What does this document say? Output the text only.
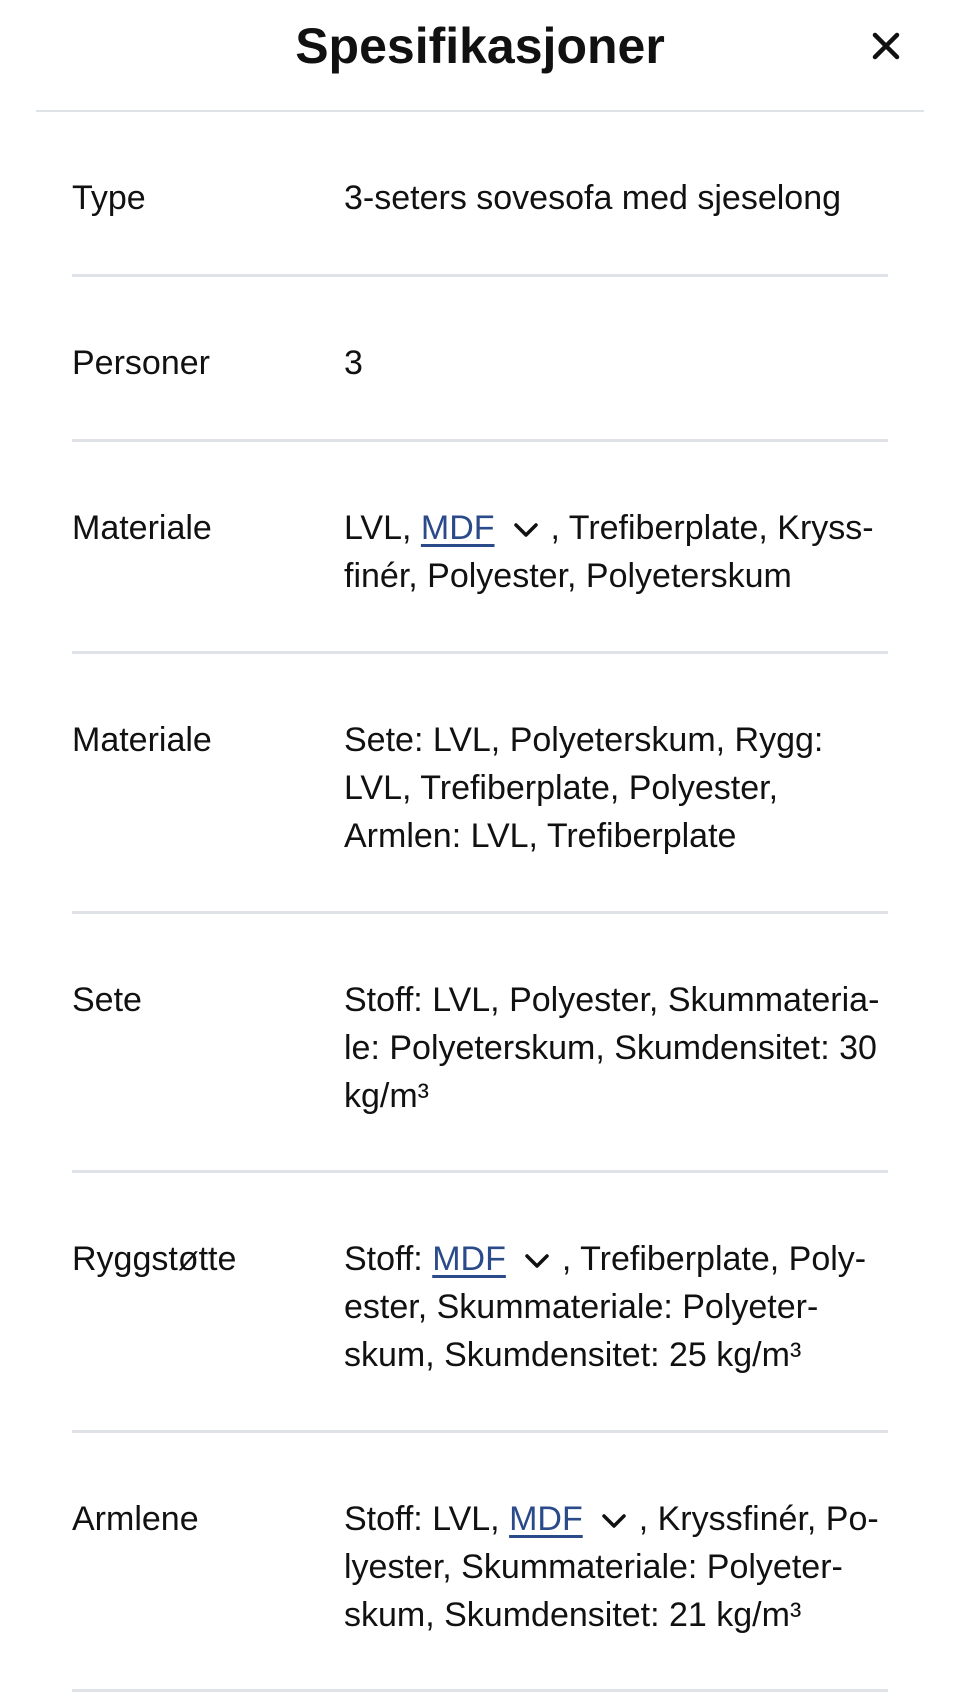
Spesifikasjoner
Type	3-seters sovesofa med sjeselong
Personer	3
Materiale	LVL, MDF , Trefiberplate, Kryss-finér, Polyester, Polyeterskum
Materiale	Sete: LVL, Polyeterskum, Rygg: LVL, Trefiberplate, Polyester, Armlen: LVL, Trefiberplate
Sete	Stoff: LVL, Polyester, Skummateria-le: Polyeterskum, Skumdensitet: 30 kg/m³
Ryggstøtte	Stoff: MDF , Trefiberplate, Poly-ester, Skummateriale: Polyeter-skum, Skumdensitet: 25 kg/m³
Armlene	Stoff: LVL, MDF , Kryssfinér, Po-lyester, Skummateriale: Polyeter-skum, Skumdensitet: 21 kg/m³
